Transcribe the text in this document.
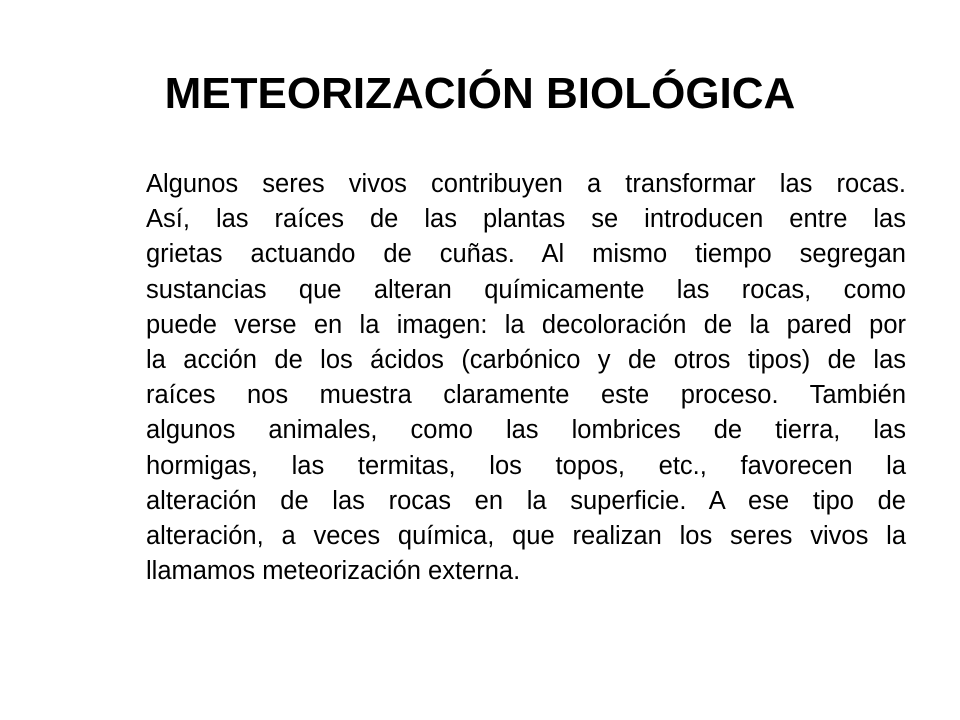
METEORIZACIÓN BIOLÓGICA
Algunos seres vivos contribuyen a transformar las rocas.
Así, las raíces de las plantas se introducen entre las
grietas actuando de cuñas. Al mismo tiempo segregan
sustancias que alteran químicamente las rocas, como
puede verse en la imagen: la decoloración de la pared por
la acción de los ácidos (carbónico y de otros tipos) de las
raíces nos muestra claramente este proceso. También
algunos animales, como las lombrices de tierra, las
hormigas, las termitas, los topos, etc., favorecen la
alteración de las rocas en la superficie. A ese tipo de
alteración, a veces química, que realizan los seres vivos la
llamamos meteorización externa.
